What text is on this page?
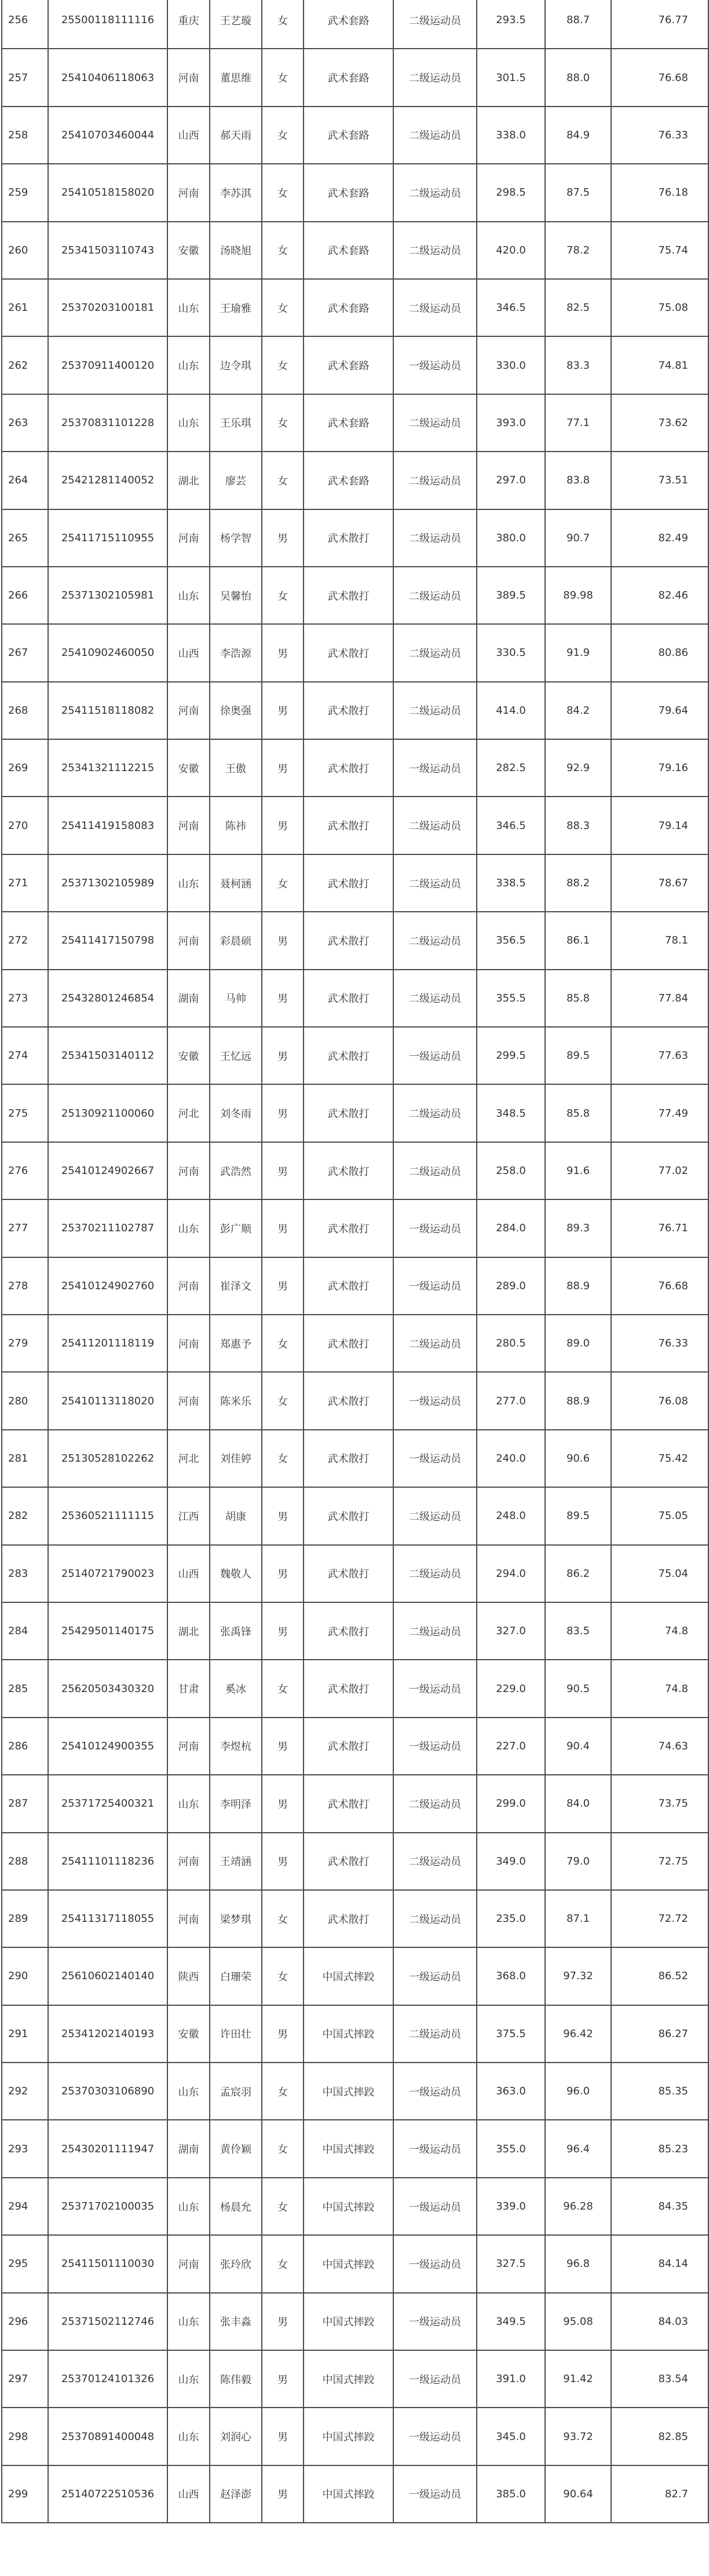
256	25500118111116	重庆	王艺璇	女	武术套路	二级运动员	293.5	88.7	76.77
257	25410406118063	河南	董思维	女	武术套路	二级运动员	301.5	88.0	76.68
258	25410703460044	山西	郝天雨	女	武术套路	二级运动员	338.0	84.9	76.33
259	25410518158020	河南	李苏淇	女	武术套路	二级运动员	298.5	87.5	76.18
260	25341503110743	安徽	汤晓旭	女	武术套路	二级运动员	420.0	78.2	75.74
261	25370203100181	山东	王瑜雅	女	武术套路	二级运动员	346.5	82.5	75.08
262	25370911400120	山东	边令琪	女	武术套路	一级运动员	330.0	83.3	74.81
263	25370831101228	山东	王乐琪	女	武术套路	二级运动员	393.0	77.1	73.62
264	25421281140052	湖北	廖芸	女	武术套路	二级运动员	297.0	83.8	73.51
265	25411715110955	河南	杨学智	男	武术散打	二级运动员	380.0	90.7	82.49
266	25371302105981	山东	吴馨怡	女	武术散打	二级运动员	389.5	89.98	82.46
267	25410902460050	山西	李浩源	男	武术散打	二级运动员	330.5	91.9	80.86
268	25411518118082	河南	徐奥强	男	武术散打	二级运动员	414.0	84.2	79.64
269	25341321112215	安徽	王傲	男	武术散打	一级运动员	282.5	92.9	79.16
270	25411419158083	河南	陈祎	男	武术散打	二级运动员	346.5	88.3	79.14
271	25371302105989	山东	聂柯涵	女	武术散打	二级运动员	338.5	88.2	78.67
272	25411417150798	河南	彩晨硕	男	武术散打	二级运动员	356.5	86.1	78.1
273	25432801246854	湖南	马帅	男	武术散打	二级运动员	355.5	85.8	77.84
274	25341503140112	安徽	王忆远	男	武术散打	一级运动员	299.5	89.5	77.63
275	25130921100060	河北	刘冬雨	男	武术散打	二级运动员	348.5	85.8	77.49
276	25410124902667	河南	武浩然	男	武术散打	二级运动员	258.0	91.6	77.02
277	25370211102787	山东	彭广顺	男	武术散打	一级运动员	284.0	89.3	76.71
278	25410124902760	河南	崔泽文	男	武术散打	一级运动员	289.0	88.9	76.68
279	25411201118119	河南	郑惠予	女	武术散打	二级运动员	280.5	89.0	76.33
280	25410113118020	河南	陈米乐	女	武术散打	一级运动员	277.0	88.9	76.08
281	25130528102262	河北	刘佳婷	女	武术散打	一级运动员	240.0	90.6	75.42
282	25360521111115	江西	胡康	男	武术散打	二级运动员	248.0	89.5	75.05
283	25140721790023	山西	魏敬人	男	武术散打	二级运动员	294.0	86.2	75.04
284	25429501140175	湖北	张禹锋	男	武术散打	二级运动员	327.0	83.5	74.8
285	25620503430320	甘肃	奚冰	女	武术散打	一级运动员	229.0	90.5	74.8
286	25410124900355	河南	李煜杭	男	武术散打	一级运动员	227.0	90.4	74.63
287	25371725400321	山东	李明泽	男	武术散打	二级运动员	299.0	84.0	73.75
288	25411101118236	河南	王靖涵	男	武术散打	二级运动员	349.0	79.0	72.75
289	25411317118055	河南	梁梦琪	女	武术散打	二级运动员	235.0	87.1	72.72
290	25610602140140	陕西	白珊荣	女	中国式摔跤	一级运动员	368.0	97.32	86.52
291	25341202140193	安徽	许田壮	男	中国式摔跤	二级运动员	375.5	96.42	86.27
292	25370303106890	山东	孟宸羽	女	中国式摔跤	一级运动员	363.0	96.0	85.35
293	25430201111947	湖南	黄伶颖	女	中国式摔跤	一级运动员	355.0	96.4	85.23
294	25371702100035	山东	杨晨允	女	中国式摔跤	一级运动员	339.0	96.28	84.35
295	25411501110030	河南	张玲欣	女	中国式摔跤	一级运动员	327.5	96.8	84.14
296	25371502112746	山东	张丰淼	男	中国式摔跤	一级运动员	349.5	95.08	84.03
297	25370124101326	山东	陈伟毅	男	中国式摔跤	一级运动员	391.0	91.42	83.54
298	25370891400048	山东	刘润心	男	中国式摔跤	一级运动员	345.0	93.72	82.85
299	25140722510536	山西	赵泽澎	男	中国式摔跤	一级运动员	385.0	90.64	82.7
